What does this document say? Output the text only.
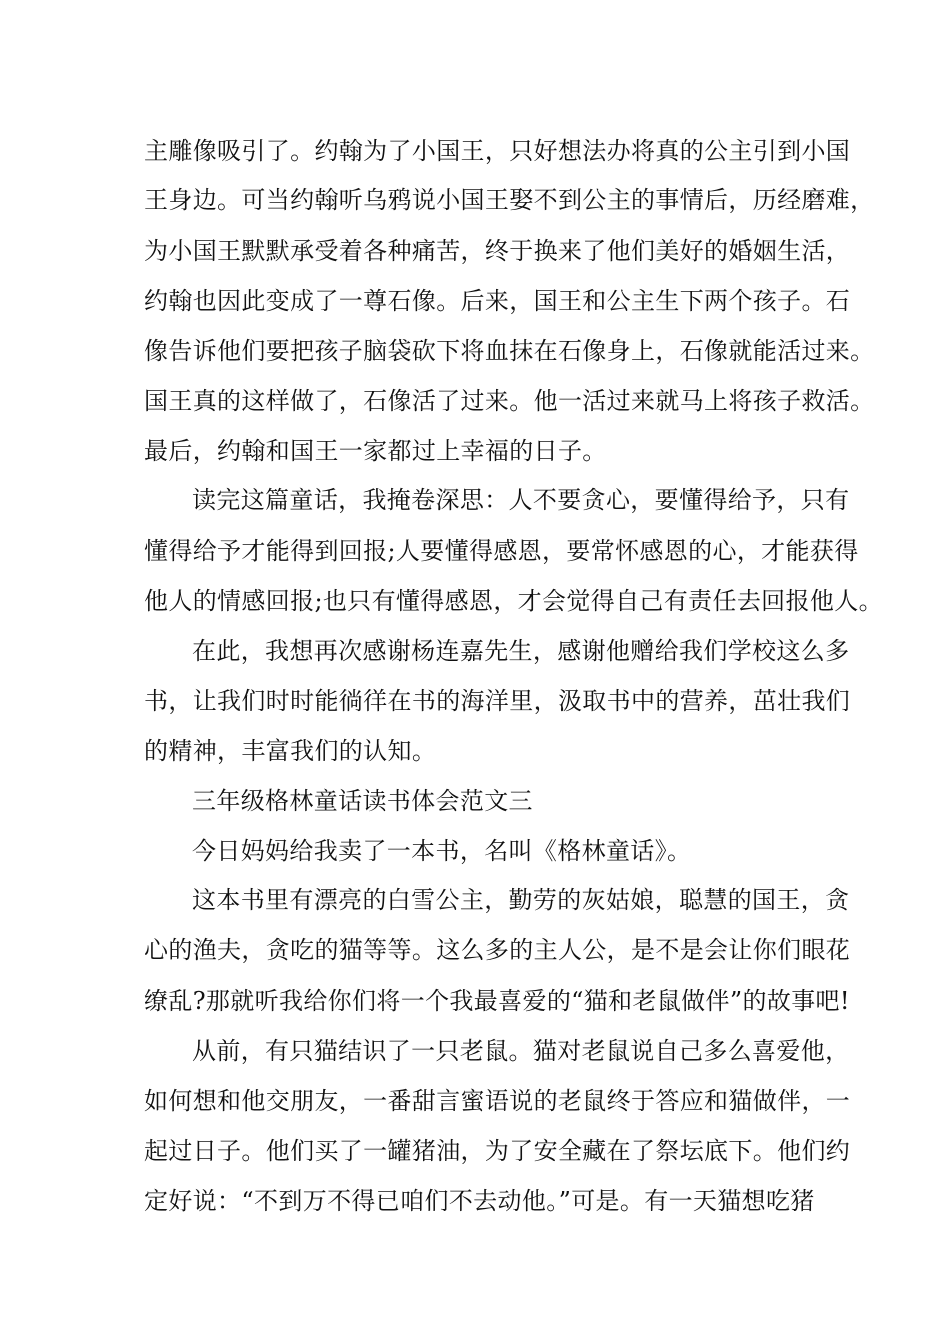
主雕像吸引了。约翰为了小国王，只好想法办将真的公主引到小国
王身边。可当约翰听乌鸦说小国王娶不到公主的事情后，历经磨难，
为小国王默默承受着各种痛苦，终于换来了他们美好的婚姻生活，
约翰也因此变成了一尊石像。后来，国王和公主生下两个孩子。石
像告诉他们要把孩子脑袋砍下将血抹在石像身上，石像就能活过来。
国王真的这样做了，石像活了过来。他一活过来就马上将孩子救活。
最后，约翰和国王一家都过上幸福的日子。
读完这篇童话，我掩卷深思：人不要贪心，要懂得给予，只有
懂得给予才能得到回报;人要懂得感恩，要常怀感恩的心，才能获得
他人的情感回报;也只有懂得感恩，才会觉得自己有责任去回报他人。
在此，我想再次感谢杨连嘉先生，感谢他赠给我们学校这么多
书，让我们时时能徜徉在书的海洋里，汲取书中的营养，茁壮我们
的精神，丰富我们的认知。
三年级格林童话读书体会范文三
今日妈妈给我卖了一本书，名叫《格林童话》。
这本书里有漂亮的白雪公主，勤劳的灰姑娘，聪慧的国王，贪
心的渔夫，贪吃的猫等等。这么多的主人公，是不是会让你们眼花
缭乱?那就听我给你们将一个我最喜爱的“猫和老鼠做伴”的故事吧!
从前，有只猫结识了一只老鼠。猫对老鼠说自己多么喜爱他，
如何想和他交朋友，一番甜言蜜语说的老鼠终于答应和猫做伴，一
起过日子。他们买了一罐猪油，为了安全藏在了祭坛底下。他们约
定好说：“不到万不得已咱们不去动他。”可是。有一天猫想吃猪
